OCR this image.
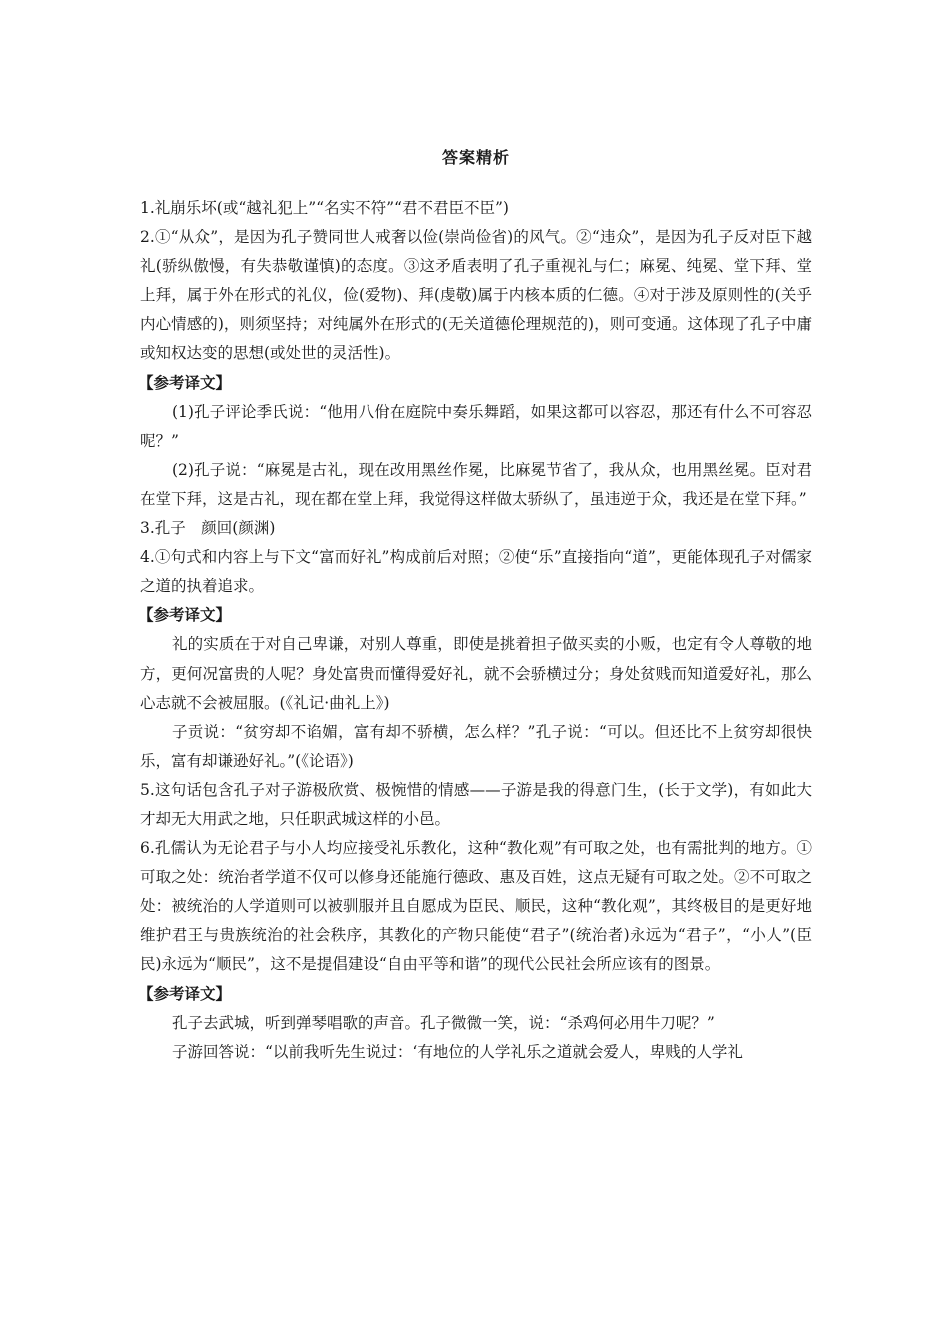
答案精析

1.礼崩乐坏(或“越礼犯上”“名实不符”“君不君臣不臣”)

2.①“从众”，是因为孔子赞同世人戒奢以俭(崇尚俭省)的风气。②“违众”，是因为孔子反对臣下越礼(骄纵傲慢，有失恭敬谨慎)的态度。③这矛盾表明了孔子重视礼与仁；麻冕、纯冕、堂下拜、堂上拜，属于外在形式的礼仪，俭(爱物)、拜(虔敬)属于内核本质的仁德。④对于涉及原则性的(关乎内心情感的)，则须坚持；对纯属外在形式的(无关道德伦理规范的)，则可变通。这体现了孔子中庸或知权达变的思想(或处世的灵活性)。

【参考译文】

(1)孔子评论季氏说：“他用八佾在庭院中奏乐舞蹈，如果这都可以容忍，那还有什么不可容忍呢？”

(2)孔子说：“麻冕是古礼，现在改用黑丝作冕，比麻冕节省了，我从众，也用黑丝冕。臣对君在堂下拜，这是古礼，现在都在堂上拜，我觉得这样做太骄纵了，虽违逆于众，我还是在堂下拜。”

3.孔子　颜回(颜渊)

4.①句式和内容上与下文“富而好礼”构成前后对照；②使“乐”直接指向“道”，更能体现孔子对儒家之道的执着追求。

【参考译文】

礼的实质在于对自己卑谦，对别人尊重，即使是挑着担子做买卖的小贩，也定有令人尊敬的地方，更何况富贵的人呢？身处富贵而懂得爱好礼，就不会骄横过分；身处贫贱而知道爱好礼，那么心志就不会被屈服。(《礼记·曲礼上》)

子贡说：“贫穷却不谄媚，富有却不骄横，怎么样？”孔子说：“可以。但还比不上贫穷却很快乐，富有却谦逊好礼。”(《论语》)

5.这句话包含孔子对子游极欣赏、极惋惜的情感——子游是我的得意门生，(长于文学)，有如此大才却无大用武之地，只任职武城这样的小邑。

6.孔儒认为无论君子与小人均应接受礼乐教化，这种“教化观”有可取之处，也有需批判的地方。①可取之处：统治者学道不仅可以修身还能施行德政、惠及百姓，这点无疑有可取之处。②不可取之处：被统治的人学道则可以被驯服并且自愿成为臣民、顺民，这种“教化观”，其终极目的是更好地维护君王与贵族统治的社会秩序，其教化的产物只能使“君子”(统治者)永远为“君子”，“小人”(臣民)永远为“顺民”，这不是提倡建设“自由平等和谐”的现代公民社会所应该有的图景。

【参考译文】

孔子去武城，听到弹琴唱歌的声音。孔子微微一笑，说：“杀鸡何必用牛刀呢？”

子游回答说：“以前我听先生说过：‘有地位的人学礼乐之道就会爱人，卑贱的人学礼
